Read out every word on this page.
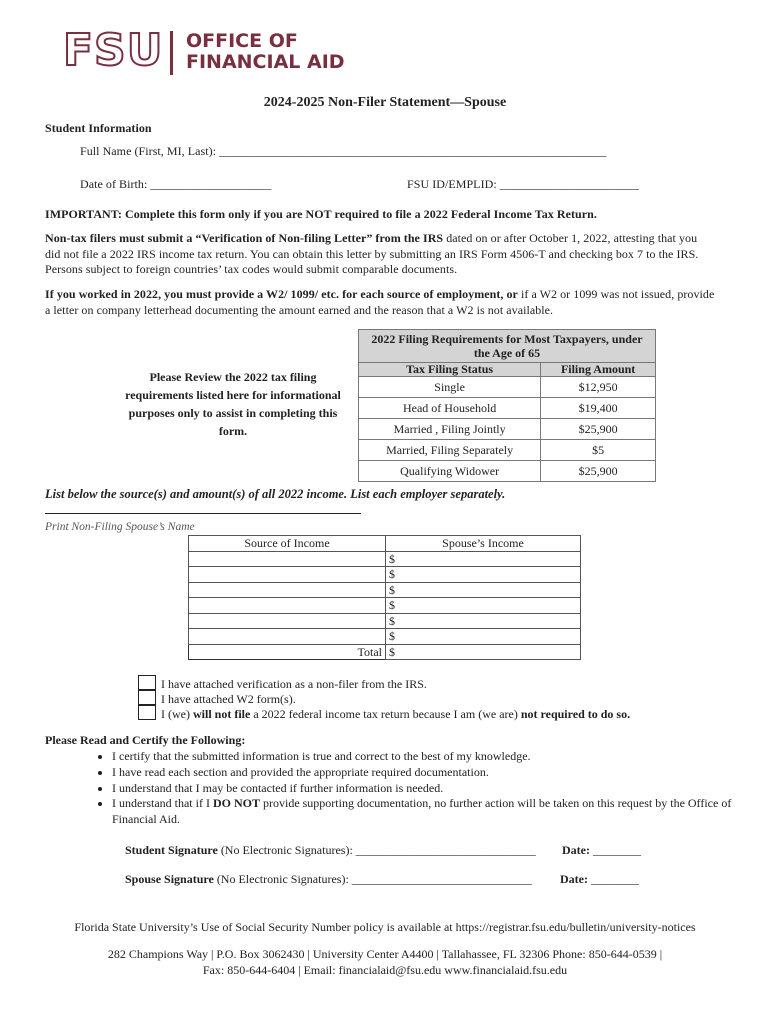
FSU OFFICE OF
FINANCIAL AID
2024-2025 Non-Filer Statement—Spouse
Student Information
Full Name (First, MI, Last): ________________________________________________________________
Date of Birth: ____________________	FSU ID/EMPLID: _______________________
IMPORTANT: Complete this form only if you are NOT required to file a 2022 Federal Income Tax Return.
Non-tax filers must submit a “Verification of Non-filing Letter” from the IRS dated on or after October 1, 2022, attesting that you did not file a 2022 IRS income tax return. You can obtain this letter by submitting an IRS Form 4506-T and checking box 7 to the IRS. Persons subject to foreign countries’ tax codes would submit comparable documents.
If you worked in 2022, you must provide a W2/ 1099/ etc. for each source of employment, or if a W2 or 1099 was not issued, provide a letter on company letterhead documenting the amount earned and the reason that a W2 is not available.
Please Review the 2022 tax filing requirements listed here for informational purposes only to assist in completing this form.
2022 Filing Requirements for Most Taxpayers, under the Age of 65	
Tax Filing Status	Filing Amount
Single	$12,950
Head of Household	$19,400
Married , Filing Jointly	$25,900
Married, Filing Separately	$5
Qualifying Widower	$25,900
List below the source(s) and amount(s) of all 2022 income. List each employer separately.
Print Non-Filing Spouse’s Name
Source of Income	Spouse’s Income
	$
	$
	$
	$
	$
	$
Total	$
I have attached verification as a non-filer from the IRS.
I have attached W2 form(s).
I (we) will not file a 2022 federal income tax return because I am (we are) not required to do so.
Please Read and Certify the Following:
• I certify that the submitted information is true and correct to the best of my knowledge.
• I have read each section and provided the appropriate required documentation.
• I understand that I may be contacted if further information is needed.
• I understand that if I DO NOT provide supporting documentation, no further action will be taken on this request by the Office of Financial Aid.
Student Signature (No Electronic Signatures): ______________________________ Date: ________
Spouse Signature (No Electronic Signatures): ______________________________ Date: ________
Florida State University’s Use of Social Security Number policy is available at https://registrar.fsu.edu/bulletin/university-notices
282 Champions Way | P.O. Box 3062430 | University Center A4400 | Tallahassee, FL 32306 Phone: 850-644-0539 |
Fax: 850-644-6404 | Email: financialaid@fsu.edu www.financialaid.fsu.edu
